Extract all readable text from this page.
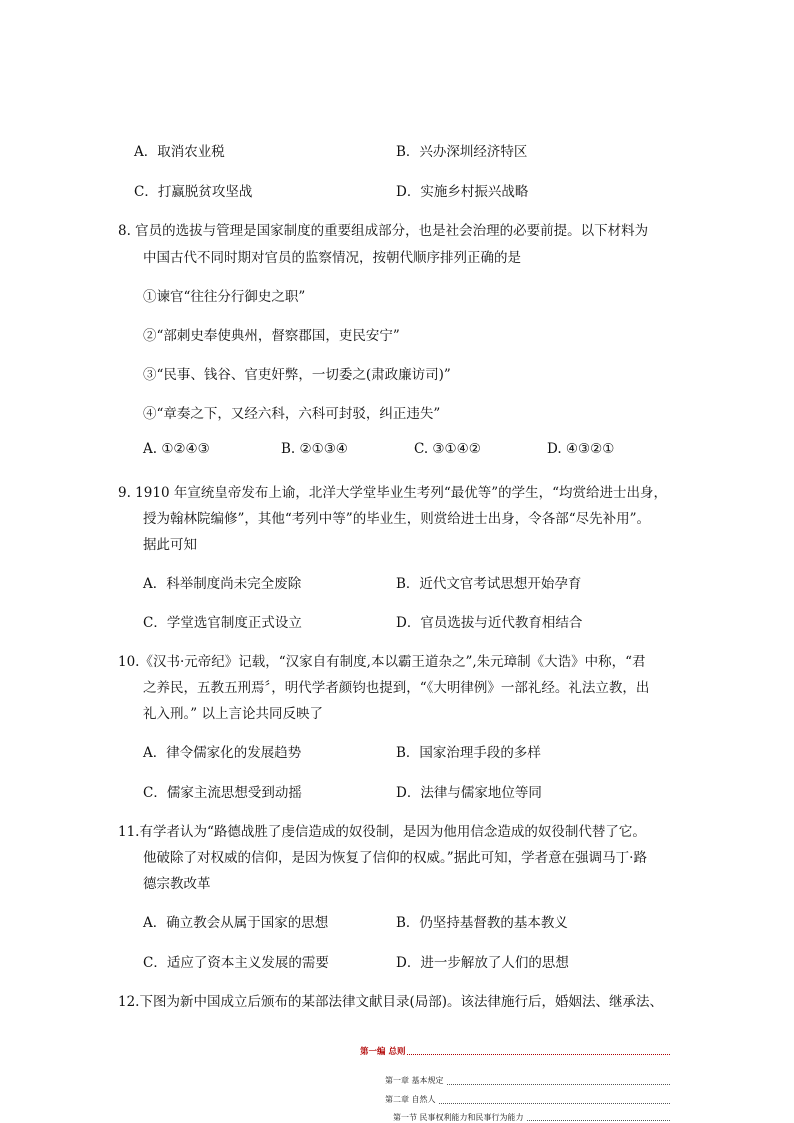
A．取消农业税	B．兴办深圳经济特区
C．打赢脱贫攻坚战	D．实施乡村振兴战略
8. 官员的选拔与管理是国家制度的重要组成部分，也是社会治理的必要前提。以下材料为
中国古代不同时期对官员的监察情况，按朝代顺序排列正确的是
①谏官“往往分行御史之职”
②“部刺史奉使典州，督察郡国，吏民安宁”
③“民事、钱谷、官吏奸弊，一切委之(肃政廉访司)”
④“章奏之下，又经六科，六科可封驳，纠正违失”
A. ①②④③	B. ②①③④	C. ③①④②	D. ④③②①
9. 1910 年宣统皇帝发布上谕，北洋大学堂毕业生考列“最优等”的学生，“均赏给进士出身，
授为翰林院编修”，其他“考列中等”的毕业生，则赏给进士出身，令各部“尽先补用”。
据此可知
A．科举制度尚未完全废除	B．近代文官考试思想开始孕育
C．学堂选官制度正式设立	D．官员选拔与近代教育相结合
10.《汉书·元帝纪》记载，“汉家自有制度,本以霸王道杂之”,朱元璋制《大诰》中称，“君
之养民，五教五刑焉〞，明代学者颜钧也提到，“《大明律例》一部礼经。礼法立教，出
礼入刑。” 以上言论共同反映了
A．律令儒家化的发展趋势	B．国家治理手段的多样
C．儒家主流思想受到动摇	D．法律与儒家地位等同
11.有学者认为“路德战胜了虔信造成的奴役制，是因为他用信念造成的奴役制代替了它。
他破除了对权威的信仰，是因为恢复了信仰的权威。”据此可知，学者意在强调马丁·路
德宗教改革
A．确立教会从属于国家的思想	B．仍坚持基督教的基本教义
C．适应了资本主义发展的需要	D．进一步解放了人们的思想
12.下图为新中国成立后颁布的某部法律文献目录(局部)。该法律施行后，婚姻法、继承法、
第一编 总则
第一章 基本规定
第二章 自然人
第一节 民事权利能力和民事行为能力
